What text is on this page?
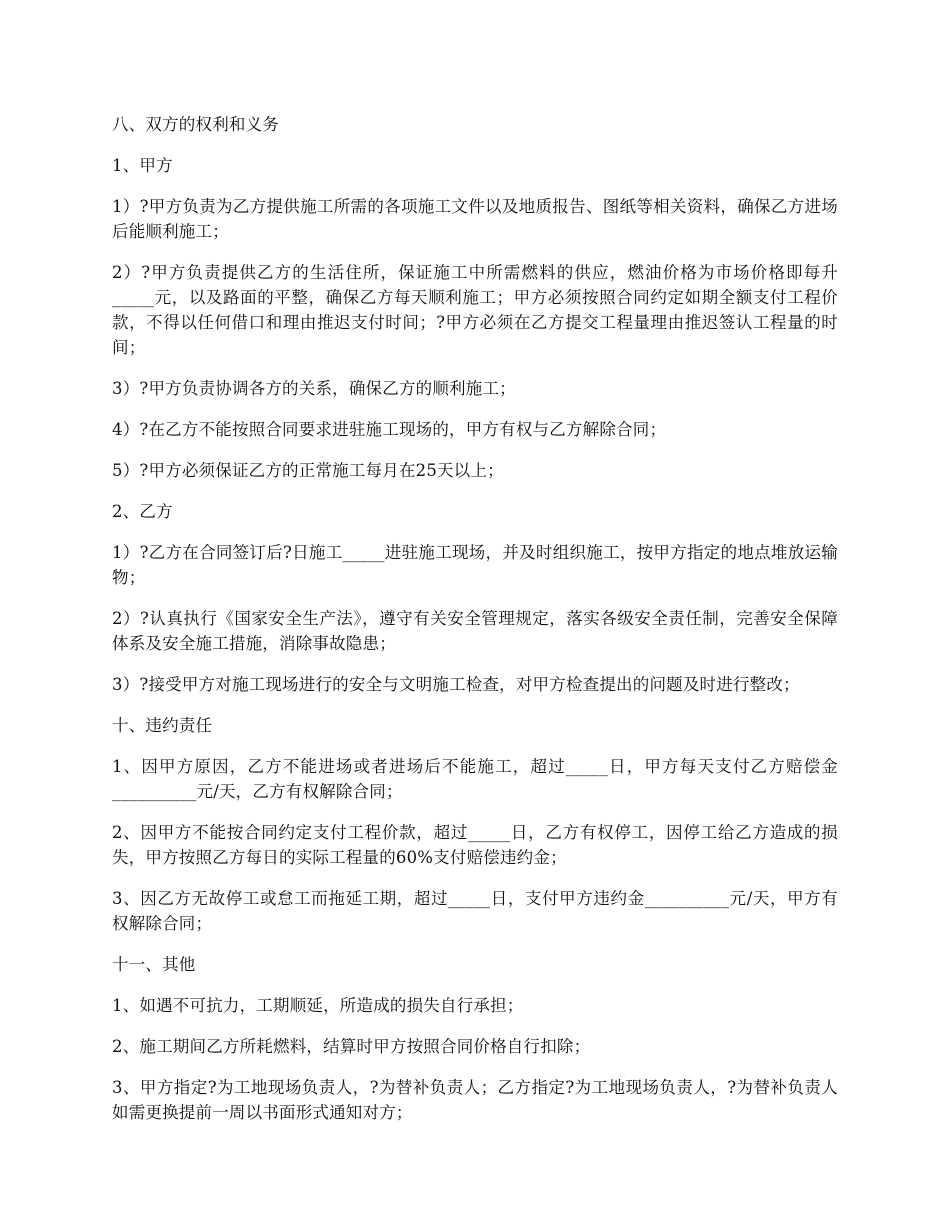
八、双方的权利和义务

1、甲方

1）?甲方负责为乙方提供施工所需的各项施工文件以及地质报告、图纸等相关资料，确保乙方进场后能顺利施工；

2）?甲方负责提供乙方的生活住所，保证施工中所需燃料的供应，燃油价格为市场价格即每升_____元，以及路面的平整，确保乙方每天顺利施工；甲方必须按照合同约定如期全额支付工程价款，不得以任何借口和理由推迟支付时间；?甲方必须在乙方提交工程量理由推迟签认工程量的时间；

3）?甲方负责协调各方的关系，确保乙方的顺利施工；

4）?在乙方不能按照合同要求进驻施工现场的，甲方有权与乙方解除合同；

5）?甲方必须保证乙方的正常施工每月在25天以上；

2、乙方

1）?乙方在合同签订后?日施工_____进驻施工现场，并及时组织施工，按甲方指定的地点堆放运输物；

2）?认真执行《国家安全生产法》，遵守有关安全管理规定，落实各级安全责任制，完善安全保障体系及安全施工措施，消除事故隐患；

3）?接受甲方对施工现场进行的安全与文明施工检查，对甲方检查提出的问题及时进行整改；

十、违约责任

1、因甲方原因，乙方不能进场或者进场后不能施工，超过_____日，甲方每天支付乙方赔偿金__________元/天，乙方有权解除合同；

2、因甲方不能按合同约定支付工程价款，超过_____日，乙方有权停工，因停工给乙方造成的损失，甲方按照乙方每日的实际工程量的60%支付赔偿违约金；

3、因乙方无故停工或怠工而拖延工期，超过_____日，支付甲方违约金__________元/天，甲方有权解除合同；

十一、其他

1、如遇不可抗力，工期顺延，所造成的损失自行承担；

2、施工期间乙方所耗燃料，结算时甲方按照合同价格自行扣除；

3、甲方指定?为工地现场负责人，?为替补负责人；乙方指定?为工地现场负责人，?为替补负责人如需更换提前一周以书面形式通知对方；
